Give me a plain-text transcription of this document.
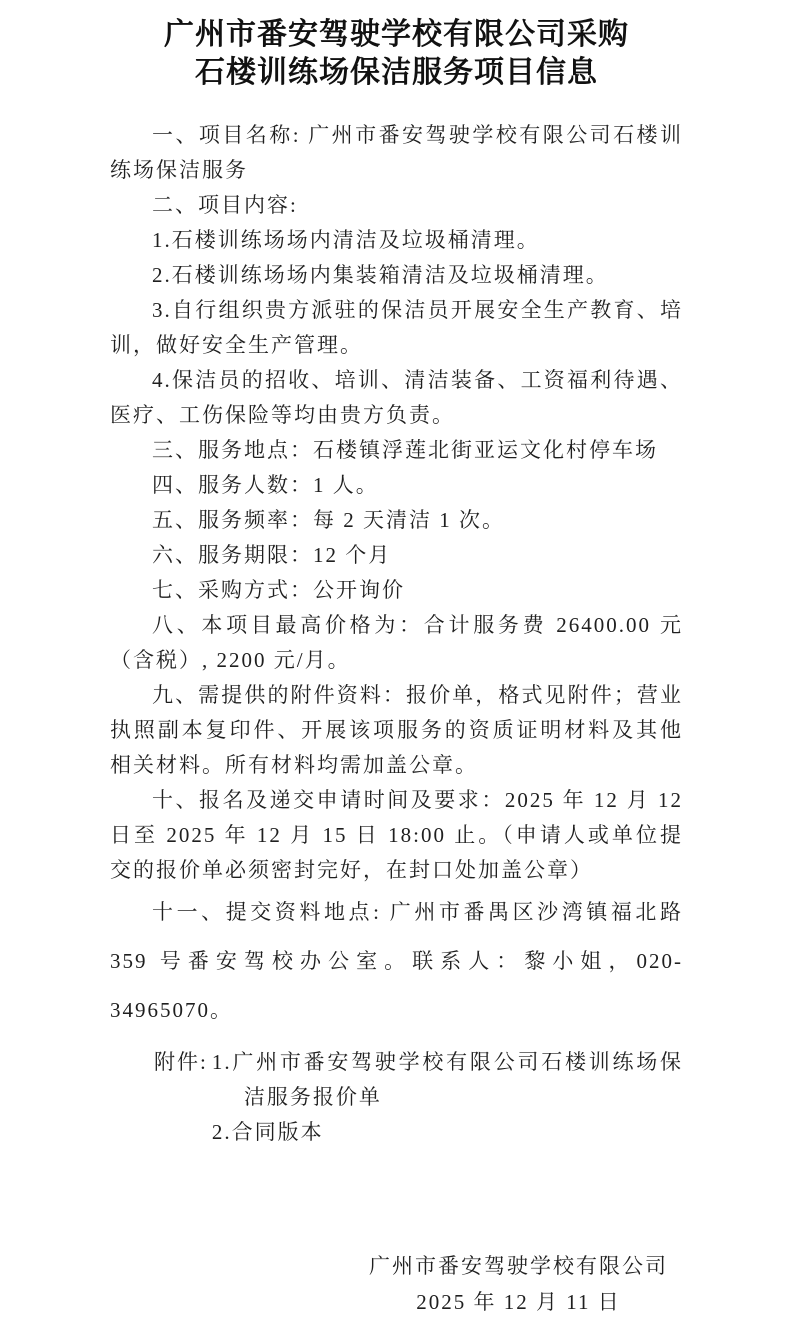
广州市番安驾驶学校有限公司采购
石楼训练场保洁服务项目信息

一、项目名称: 广州市番安驾驶学校有限公司石楼训练场保洁服务

二、项目内容:

1.石楼训练场场内清洁及垃圾桶清理。

2.石楼训练场场内集装箱清洁及垃圾桶清理。

3.自行组织贵方派驻的保洁员开展安全生产教育、培训，做好安全生产管理。

4.保洁员的招收、培训、清洁装备、工资福利待遇、医疗、工伤保险等均由贵方负责。

三、服务地点：石楼镇浮莲北街亚运文化村停车场

四、服务人数：1 人。

五、服务频率：每 2 天清洁 1 次。

六、服务期限：12 个月

七、采购方式：公开询价

八、本项目最高价格为：合计服务费 26400.00 元（含税）, 2200 元/月。

九、需提供的附件资料：报价单，格式见附件；营业执照副本复印件、开展该项服务的资质证明材料及其他相关材料。所有材料均需加盖公章。

十、报名及递交申请时间及要求：2025 年 12 月 12 日至 2025 年 12 月 15 日 18:00 止。（申请人或单位提交的报价单必须密封完好，在封口处加盖公章）

十一、提交资料地点: 广州市番禺区沙湾镇福北路 359 号番安驾校办公室。联系人：黎小姐，020-34965070。

附件: 1.广州市番安驾驶学校有限公司石楼训练场保洁服务报价单
2.合同版本
广州市番安驾驶学校有限公司
2025 年 12 月 11 日
